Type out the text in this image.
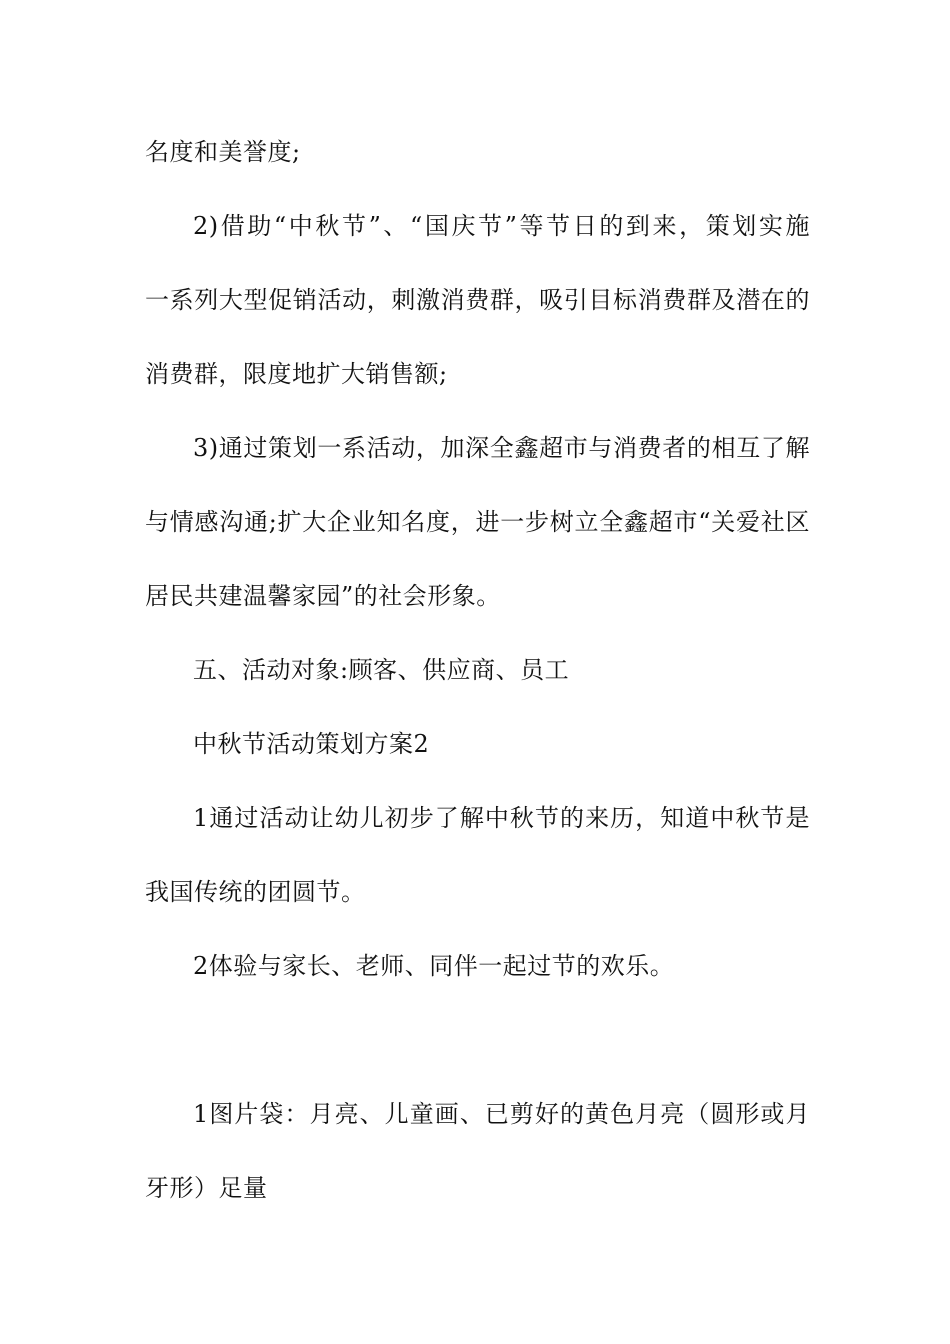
名度和美誉度;
2)借助“中秋节”、“国庆节”等节日的到来，策划实施
一系列大型促销活动，刺激消费群，吸引目标消费群及潜在的
消费群，限度地扩大销售额;
3)通过策划一系活动，加深全鑫超市与消费者的相互了解
与情感沟通;扩大企业知名度，进一步树立全鑫超市“关爱社区
居民共建温馨家园”的社会形象。
五、活动对象:顾客、供应商、员工
中秋节活动策划方案2
1通过活动让幼儿初步了解中秋节的来历，知道中秋节是
我国传统的团圆节。
2体验与家长、老师、同伴一起过节的欢乐。
1图片袋：月亮、儿童画、已剪好的黄色月亮（圆形或月
牙形）足量
